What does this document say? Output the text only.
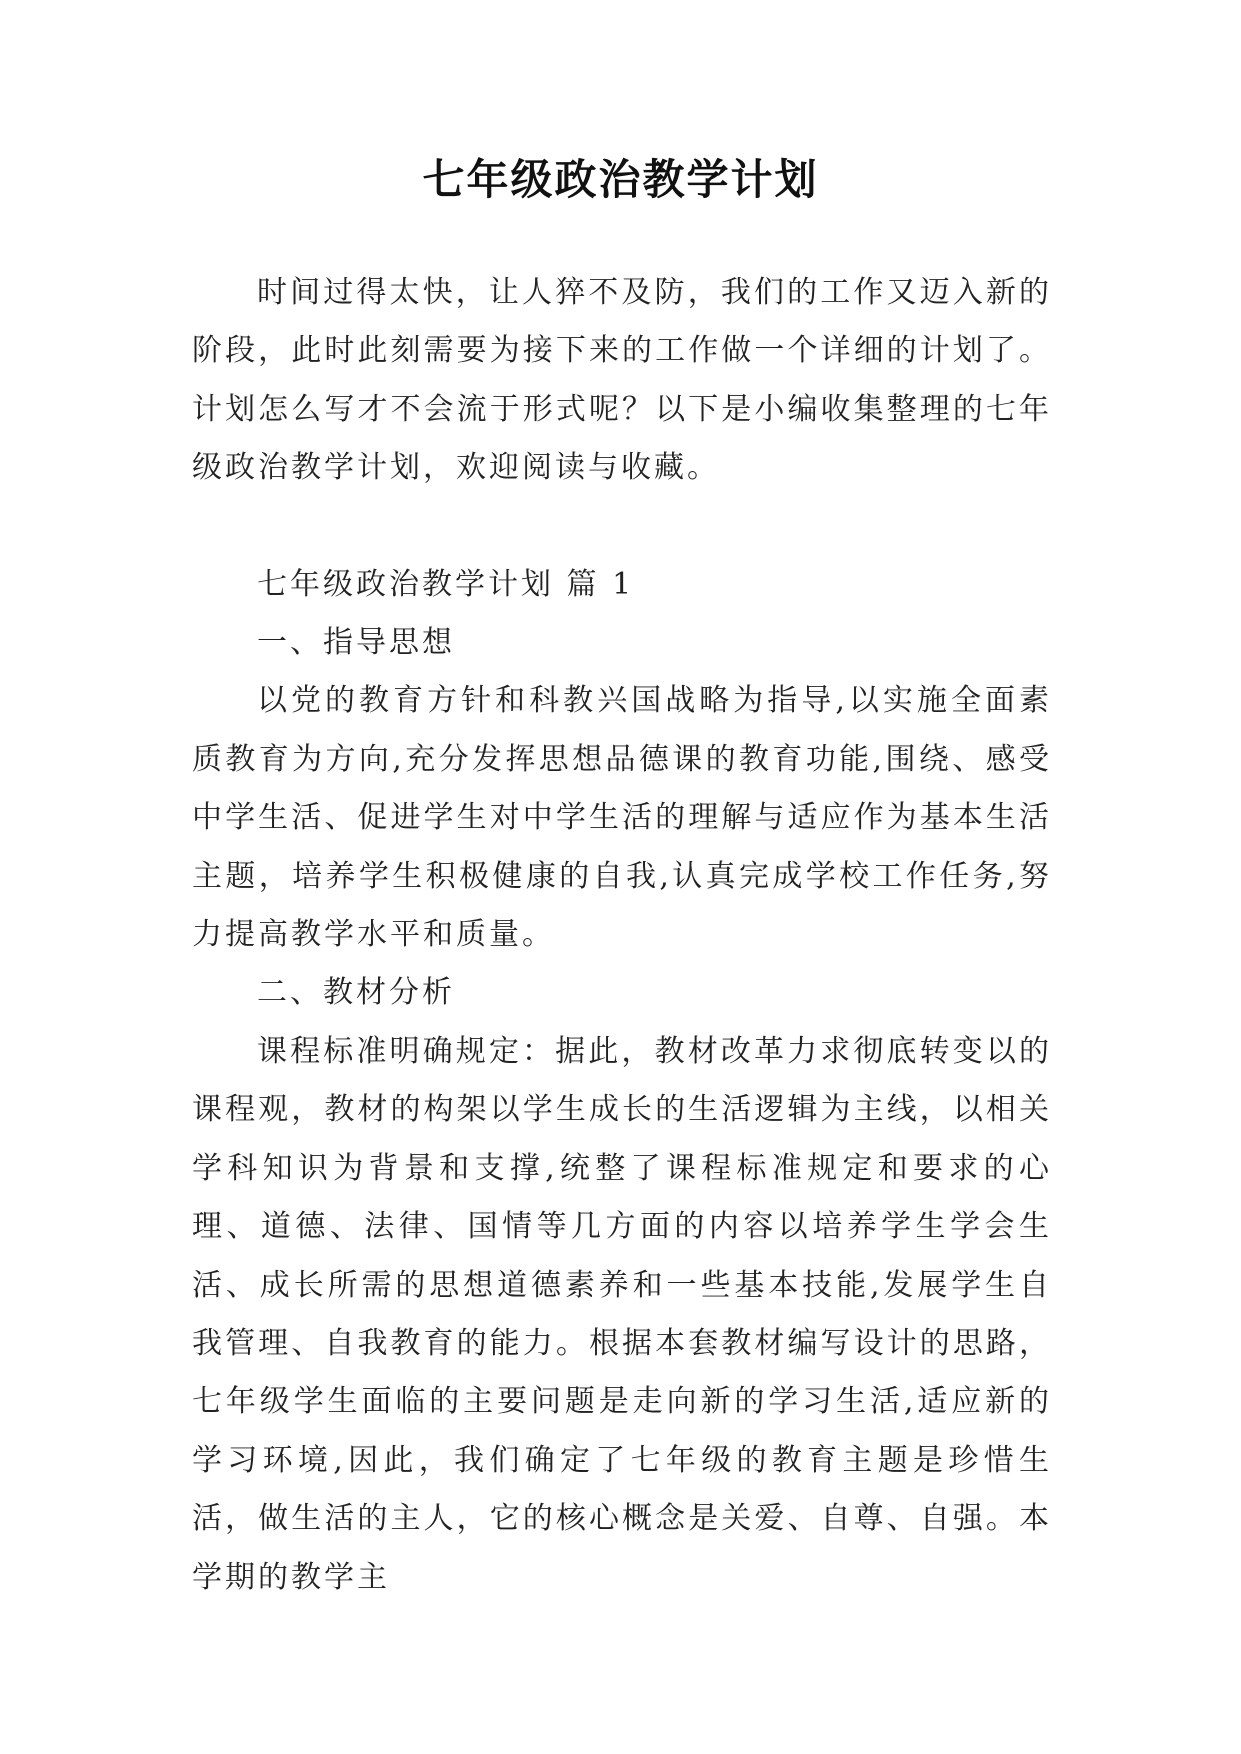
七年级政治教学计划

时间过得太快，让人猝不及防，我们的工作又迈入新的阶段，此时此刻需要为接下来的工作做一个详细的计划了。计划怎么写才不会流于形式呢？以下是小编收集整理的七年级政治教学计划，欢迎阅读与收藏。

七年级政治教学计划 篇 1

一、指导思想

以党的教育方针和科教兴国战略为指导,以实施全面素质教育为方向,充分发挥思想品德课的教育功能,围绕、感受中学生活、促进学生对中学生活的理解与适应作为基本生活主题，培养学生积极健康的自我,认真完成学校工作任务,努力提高教学水平和质量。

二、教材分析

课程标准明确规定：据此，教材改革力求彻底转变以的课程观，教材的构架以学生成长的生活逻辑为主线，以相关学科知识为背景和支撑,统整了课程标准规定和要求的心理、道德、法律、国情等几方面的内容以培养学生学会生活、成长所需的思想道德素养和一些基本技能,发展学生自我管理、自我教育的能力。根据本套教材编写设计的思路，七年级学生面临的主要问题是走向新的学习生活,适应新的学习环境,因此，我们确定了七年级的教育主题是珍惜生活，做生活的主人，它的核心概念是关爱、自尊、自强。本学期的教学主
